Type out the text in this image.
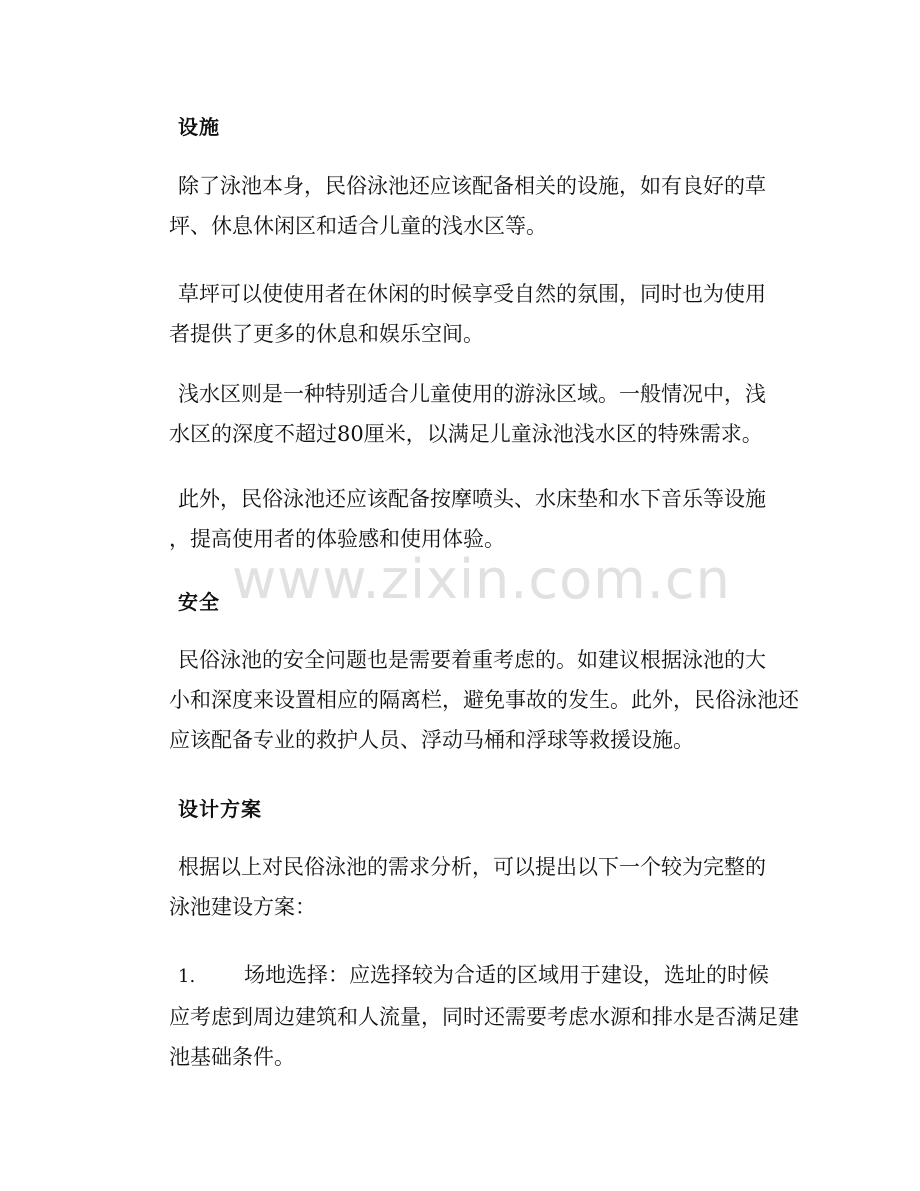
设施
除了泳池本身，民俗泳池还应该配备相关的设施，如有良好的草
坪、休息休闲区和适合儿童的浅水区等。
草坪可以使使用者在休闲的时候享受自然的氛围，同时也为使用
者提供了更多的休息和娱乐空间。
浅水区则是一种特别适合儿童使用的游泳区域。一般情况中，浅
水区的深度不超过80厘米，以满足儿童泳池浅水区的特殊需求。
此外，民俗泳池还应该配备按摩喷头、水床垫和水下音乐等设施
，提高使用者的体验感和使用体验。
www.zixin.com.cn
安全
民俗泳池的安全问题也是需要着重考虑的。如建议根据泳池的大
小和深度来设置相应的隔离栏，避免事故的发生。此外，民俗泳池还
应该配备专业的救护人员、浮动马桶和浮球等救援设施。
设计方案
根据以上对民俗泳池的需求分析，可以提出以下一个较为完整的
泳池建设方案：
1. 场地选择：应选择较为合适的区域用于建设，选址的时候
应考虑到周边建筑和人流量，同时还需要考虑水源和排水是否满足建
池基础条件。
